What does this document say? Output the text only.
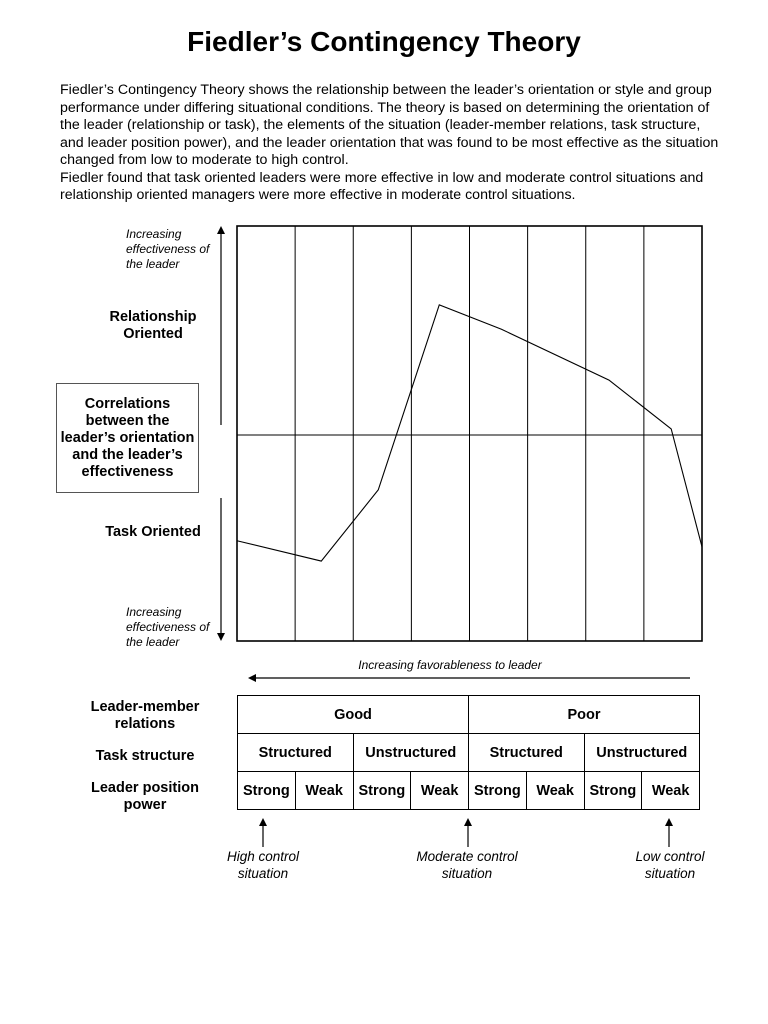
Fiedler’s Contingency Theory

Fiedler’s Contingency Theory shows the relationship between the leader’s orientation or style and group performance under differing situational conditions. The theory is based on determining the orientation of the leader (relationship or task), the elements of the situation (leader-member relations, task structure, and leader position power), and the leader orientation that was found to be most effective as the situation changed from low to moderate to high control.

Fiedler found that task oriented leaders were more effective in low and moderate control situations and relationship oriented managers were more effective in moderate control situations.

Increasing effectiveness of the leader
Relationship Oriented
Correlations between the leader’s orientation and the leader’s effectiveness
Task Oriented
Increasing effectiveness of the leader
Increasing favorableness to leader
Leader-member relations
Task structure
Leader position power
Good				Poor			
Structured		Unstructured		Structured		Unstructured	
Strong	Weak	Strong	Weak	Strong	Weak	Strong	Weak
High control situation
Moderate control situation
Low control situation
